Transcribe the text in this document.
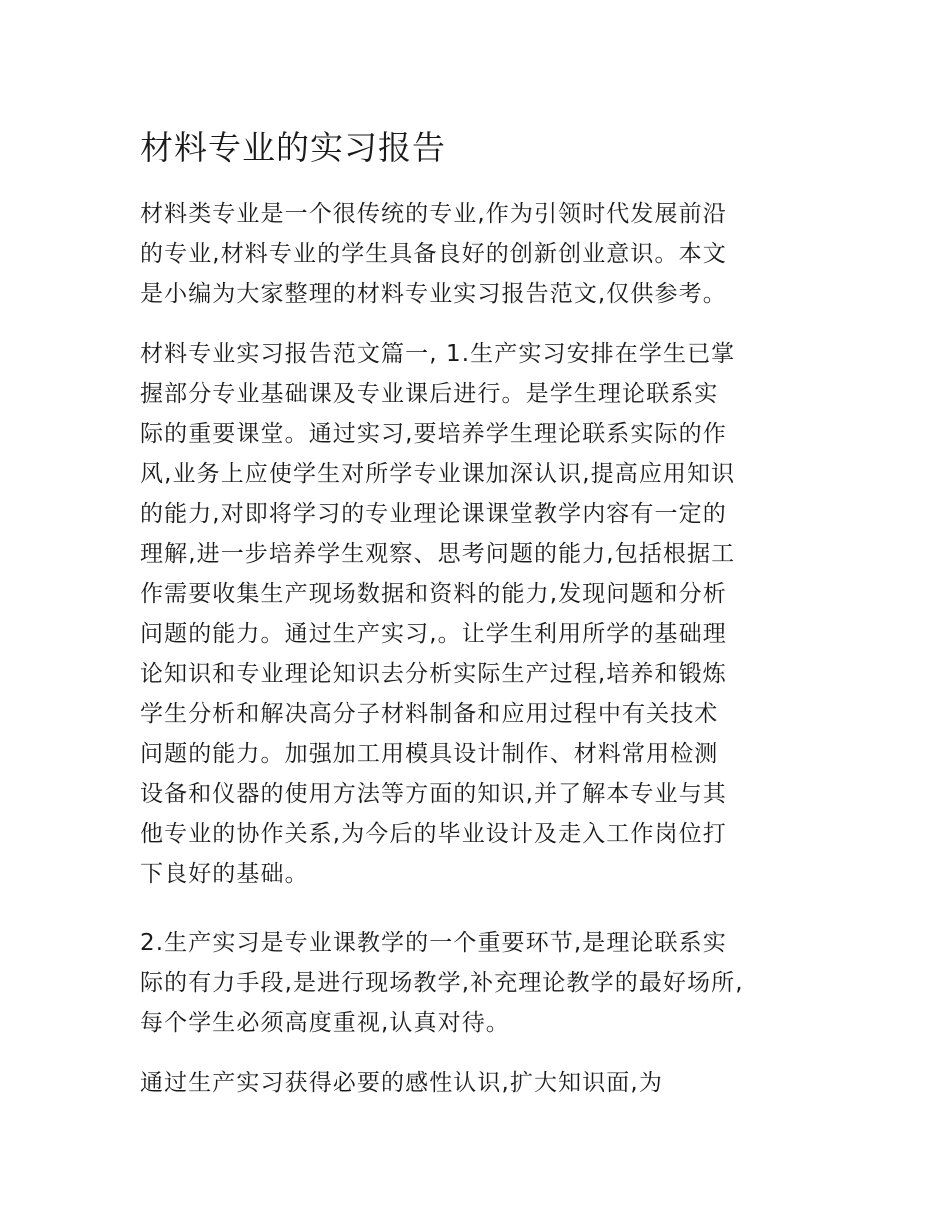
材料专业的实习报告
材料类专业是一个很传统的专业,作为引领时代发展前沿
的专业,材料专业的学生具备良好的创新创业意识。本文
是小编为大家整理的材料专业实习报告范文,仅供参考。
材料专业实习报告范文篇一, 1.生产实习安排在学生已掌
握部分专业基础课及专业课后进行。是学生理论联系实
际的重要课堂。通过实习,要培养学生理论联系实际的作
风,业务上应使学生对所学专业课加深认识,提高应用知识
的能力,对即将学习的专业理论课课堂教学内容有一定的
理解,进一步培养学生观察、思考问题的能力,包括根据工
作需要收集生产现场数据和资料的能力,发现问题和分析
问题的能力。通过生产实习,。让学生利用所学的基础理
论知识和专业理论知识去分析实际生产过程,培养和锻炼
学生分析和解决高分子材料制备和应用过程中有关技术
问题的能力。加强加工用模具设计制作、材料常用检测
设备和仪器的使用方法等方面的知识,并了解本专业与其
他专业的协作关系,为今后的毕业设计及走入工作岗位打
下良好的基础。
2.生产实习是专业课教学的一个重要环节,是理论联系实
际的有力手段,是进行现场教学,补充理论教学的最好场所,
每个学生必须高度重视,认真对待。
通过生产实习获得必要的感性认识,扩大知识面,为
